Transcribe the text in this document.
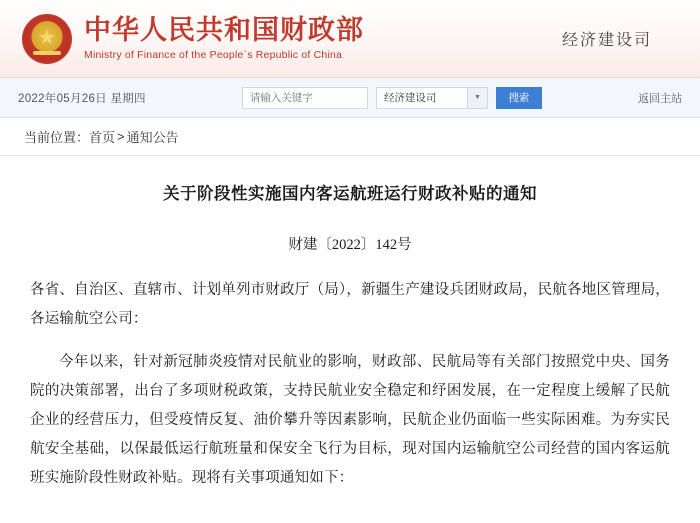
★
中华人民共和国财政部
Ministry of Finance of the People`s Republic of China
经济建设司
2022年05月26日 星期四
请输入关键字	经济建设司	▼	搜索	返回主站
当前位置： 首页 > 通知公告
关于阶段性实施国内客运航班运行财政补贴的通知
财建〔2022〕142号
各省、自治区、直辖市、计划单列市财政厅（局），新疆生产建设兵团财政局，民航各地区管理局，各运输航空公司：
今年以来，针对新冠肺炎疫情对民航业的影响，财政部、民航局等有关部门按照党中央、国务院的决策部署，出台了多项财税政策，支持民航业安全稳定和纾困发展，在一定程度上缓解了民航企业的经营压力，但受疫情反复、油价攀升等因素影响，民航企业仍面临一些实际困难。为夯实民航安全基础，以保最低运行航班量和保安全飞行为目标，现对国内运输航空公司经营的国内客运航班实施阶段性财政补贴。现将有关事项通知如下：
